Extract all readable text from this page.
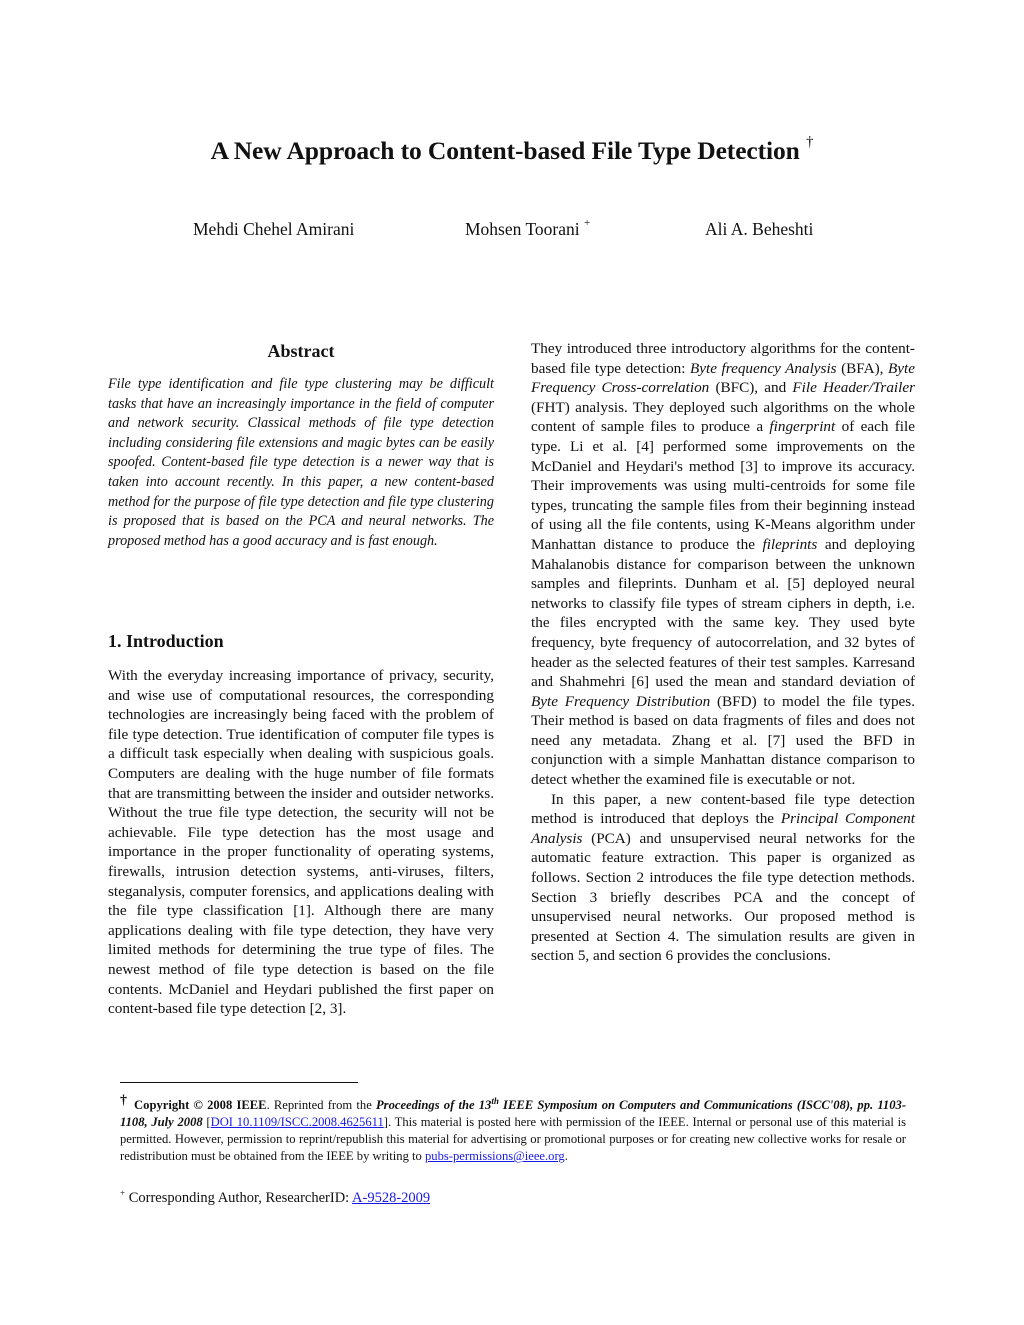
A New Approach to Content-based File Type Detection †
Mehdi Chehel Amirani	Mohsen Toorani +	Ali A. Beheshti
Abstract

File type identification and file type clustering may be difficult tasks that have an increasingly importance in the field of computer and network security. Classical methods of file type detection including considering file extensions and magic bytes can be easily spoofed. Content-based file type detection is a newer way that is taken into account recently. In this paper, a new content-based method for the purpose of file type detection and file type clustering is proposed that is based on the PCA and neural networks. The proposed method has a good accuracy and is fast enough.

1. Introduction

With the everyday increasing importance of privacy, security, and wise use of computational resources, the corresponding technologies are increasingly being faced with the problem of file type detection. True identification of computer file types is a difficult task especially when dealing with suspicious goals. Computers are dealing with the huge number of file formats that are transmitting between the insider and outsider networks. Without the true file type detection, the security will not be achievable. File type detection has the most usage and importance in the proper functionality of operating systems, firewalls, intrusion detection systems, anti-viruses, filters, steganalysis, computer forensics, and applications dealing with the file type classification [1]. Although there are many applications dealing with file type detection, they have very limited methods for determining the true type of files. The newest method of file type detection is based on the file contents. McDaniel and Heydari published the first paper on content-based file type detection [2, 3].

They introduced three introductory algorithms for the content-based file type detection: Byte frequency Analysis (BFA), Byte Frequency Cross-correlation (BFC), and File Header/Trailer (FHT) analysis. They deployed such algorithms on the whole content of sample files to produce a fingerprint of each file type. Li et al. [4] performed some improvements on the McDaniel and Heydari's method [3] to improve its accuracy. Their improvements was using multi-centroids for some file types, truncating the sample files from their beginning instead of using all the file contents, using K-Means algorithm under Manhattan distance to produce the fileprints and deploying Mahalanobis distance for comparison between the unknown samples and fileprints. Dunham et al. [5] deployed neural networks to classify file types of stream ciphers in depth, i.e. the files encrypted with the same key. They used byte frequency, byte frequency of autocorrelation, and 32 bytes of header as the selected features of their test samples. Karresand and Shahmehri [6] used the mean and standard deviation of Byte Frequency Distribution (BFD) to model the file types. Their method is based on data fragments of files and does not need any metadata. Zhang et al. [7] used the BFD in conjunction with a simple Manhattan distance comparison to detect whether the examined file is executable or not.

In this paper, a new content-based file type detection method is introduced that deploys the Principal Component Analysis (PCA) and unsupervised neural networks for the automatic feature extraction. This paper is organized as follows. Section 2 introduces the file type detection methods. Section 3 briefly describes PCA and the concept of unsupervised neural networks. Our proposed method is presented at Section 4. The simulation results are given in section 5, and section 6 provides the conclusions.

† Copyright © 2008 IEEE. Reprinted from the Proceedings of the 13th IEEE Symposium on Computers and Communications (ISCC'08), pp. 1103-1108, July 2008 [DOI 10.1109/ISCC.2008.4625611]. This material is posted here with permission of the IEEE. Internal or personal use of this material is permitted. However, permission to reprint/republish this material for advertising or promotional purposes or for creating new collective works for resale or redistribution must be obtained from the IEEE by writing to pubs-permissions@ieee.org.
+ Corresponding Author, ResearcherID: A-9528-2009
